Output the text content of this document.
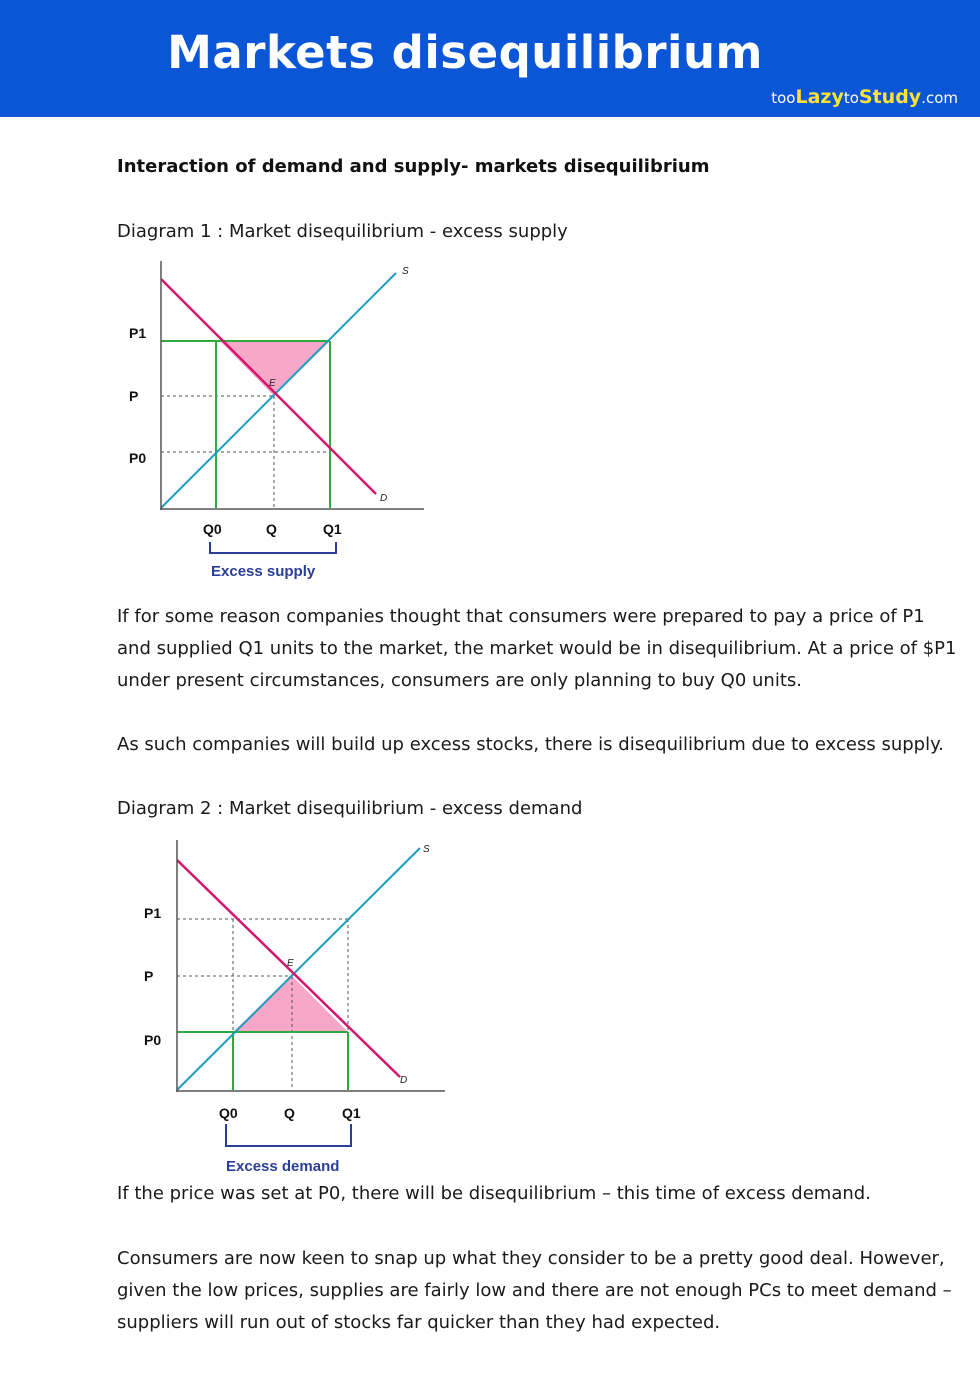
Markets disequilibrium
tooLazytoStudy.com
Interaction of demand and supply- markets disequilibrium
Diagram 1 : Market disequilibrium - excess supply
S
D
E
P1
P
P0
Q0	Q	Q1
Excess supply

If for some reason companies thought that consumers were prepared to pay a price of P1 and supplied Q1 units to the market, the market would be in disequilibrium. At a price of $P1 under present circumstances, consumers are only planning to buy Q0 units.

As such companies will build up excess stocks, there is disequilibrium due to excess supply.

Diagram 2 : Market disequilibrium - excess demand
S
D
E
P1
P
P0
Q0	Q	Q1
Excess demand

If the price was set at P0, there will be disequilibrium – this time of excess demand.

Consumers are now keen to snap up what they consider to be a pretty good deal. However, given the low prices, supplies are fairly low and there are not enough PCs to meet demand – suppliers will run out of stocks far quicker than they had expected.
